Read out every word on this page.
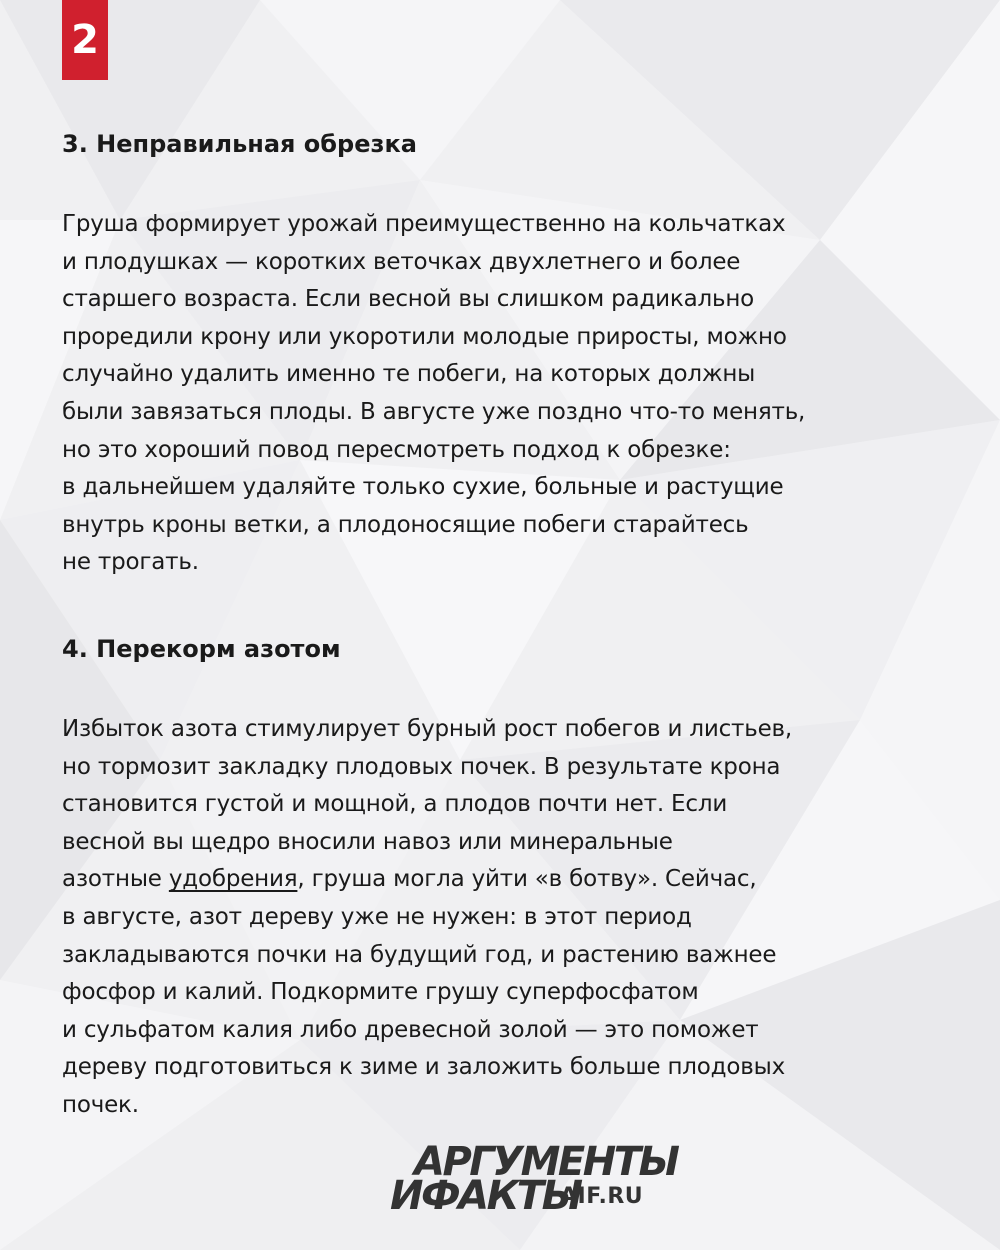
2
3. Неправильная обрезка

Груша формирует урожай преимущественно на кольчатках
и плодушках — коротких веточках двухлетнего и более
старшего возраста. Если весной вы слишком радикально
проредили крону или укоротили молодые приросты, можно
случайно удалить именно те побеги, на которых должны
были завязаться плоды. В августе уже поздно что-то менять,
но это хороший повод пересмотреть подход к обрезке:
в дальнейшем удаляйте только сухие, больные и растущие
внутрь кроны ветки, а плодоносящие побеги старайтесь
не трогать.

4. Перекорм азотом

Избыток азота стимулирует бурный рост побегов и листьев,
но тормозит закладку плодовых почек. В результате крона
становится густой и мощной, а плодов почти нет. Если
весной вы щедро вносили навоз или минеральные
азотные удобрения, груша могла уйти «в ботву». Сейчас,
в августе, азот дереву уже не нужен: в этот период
закладываются почки на будущий год, и растению важнее
фосфор и калий. Подкормите грушу суперфосфатом
и сульфатом калия либо древесной золой — это поможет
дереву подготовиться к зиме и заложить больше плодовых
почек.

АРГУМЕНТЫ
ИФАКТЫ
AIF.RU
